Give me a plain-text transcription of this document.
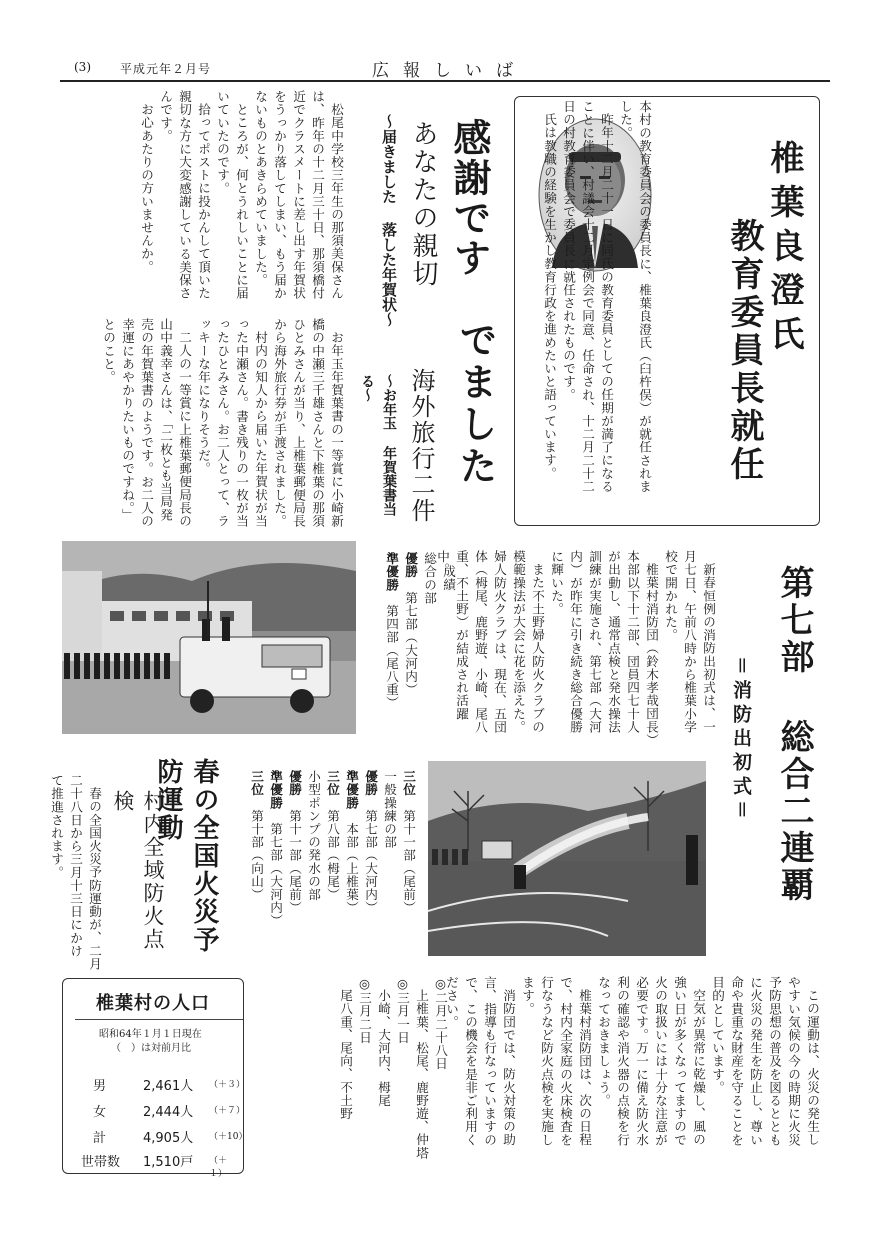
(3) 平成元年２月号	広報しいば
椎葉良澄氏
教育委員長就任

本村の教育委員会の委員長に、椎葉良澄氏（臼杵俣）が就任されました。

昨年十二月二十一日に同氏の教育委員としての任期が満了になることに伴い、村議会十二月定例会で同意、任命され、十二月二十二日の村教育委員会で委員長に就任されたものです。

氏は教職の経験を生かし教育行政を進めたいと語っています。

感謝です
あなたの親切
～届きました 落した年賀状～

松尾中学校三年生の那須美保さんは、昨年の十二月三十日、那須橋付近でクラスメートに差し出す年賀状をうっかり落してしまい、もう届かないものとあきらめていました。

ところが、何とうれしいことに届いていたのです。

拾ってポストに投かんして頂いた親切な方に大変感謝している美保さんです。

お心あたりの方いませんか。

でました
海外旅行二件
～お年玉 年賀葉書当る～

お年玉年賀葉書の一等賞に小崎新橋の中瀬三千雄さんと下椎葉の那須ひとみさんが当り、上椎葉郵便局長から海外旅行券が手渡されました。

村内の知人から届いた年賀状が当った中瀬さん。書き残りの一枚が当ったひとみさん。お二人とって、ラッキーな年になりそうだ。

二人の一等賞に上椎葉郵便局長の山中義幸さんは、「二枚とも当局発売の年賀葉書のようです。お二人の幸運にあやかりたいものですね。」とのこと。

第七部 総合二連覇
＝消防出初式＝

新春恒例の消防出初式は、一月七日、午前八時から椎葉小学校で開かれた。

椎葉村消防団（鈴木孝哉団長）本部以下十二部、団員四七十人が出動し、通常点検と発水操法訓練が実施され、第七部（大河内）が昨年に引き続き総合優勝に輝いた。

また不土野婦人防火クラブの模範操法が大会に花を添えた。婦人防火クラブは、現在、五団体（栂尾、鹿野遊、小崎、尾八重、不土野）が結成され活躍中。

成績

総合の部

優勝　第七部（大河内）

準優勝　第四部（尾八重）

三位　第十一部（尾前）

一般操練の部

優勝　第七部（大河内）

準優勝　本部（上椎葉）

三位　第八部（栂尾）

小型ポンプの発水の部

優勝　第十一部（尾前）

準優勝　第七部（大河内）

三位　第十部（向山）

春の全国火災予防運動
村内全域防火点検

春の全国火災予防運動が、二月二十八日から三月十三日にかけて推進されます。

この運動は、火災の発生しやすい気候の今の時期に火災予防思想の普及を図るとともに火災の発生を防止し、尊い命や貴重な財産を守ることを目的としています。

空気が異常に乾燥し、風の強い日が多くなってますので火の取扱いには十分な注意が必要です。万一に備え防火水利の確認や消火器の点検を行なっておきましょう。

椎葉村消防団は、次の日程で、村内全家庭の火床検査を行なうなど防火点検を実施します。

消防団では、防火対策の助言、指導も行なっていますので、この機会を是非ご利用ください。

◎二月二十八日

上椎葉、松尾、鹿野遊、仲塔

◎三月一日

小崎、大河内、栂尾

◎三月二日

尾八重、尾向、不土野

椎葉村の人口
昭和64年１月１日現在
（　）は対前月比
男	2,461人 （＋３）
女	2,444人 （＋７）
計	4,905人 （＋10）
世帯数 1,510戸 （＋１）
